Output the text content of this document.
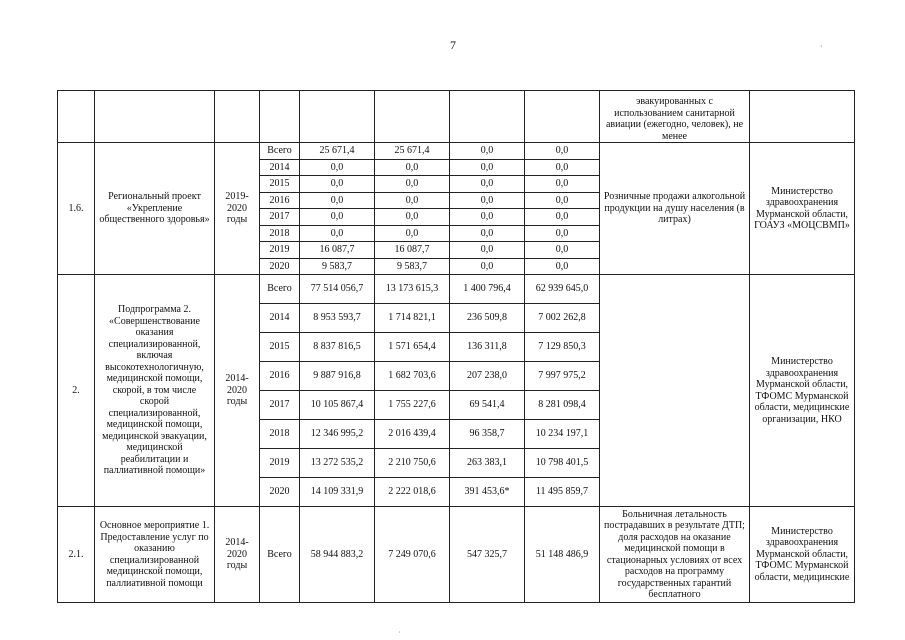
7	·
·
								эвакуированных с использованием санитарной авиации (ежегодно, человек), не менее	
1.6.	Региональный проект «Укрепление общественного здоровья»	2019-2020 годы	Всего	25 671,4	25 671,4	0,0	0,0	Розничные продажи алкогольной продукции на душу населения (в литрах)	Министерство здравоохранения Мурманской области, ГОАУЗ «МОЦСВМП»
			2014	0,0	0,0	0,0	0,0		
			2015	0,0	0,0	0,0	0,0		
			2016	0,0	0,0	0,0	0,0		
			2017	0,0	0,0	0,0	0,0		
			2018	0,0	0,0	0,0	0,0		
			2019	16 087,7	16 087,7	0,0	0,0		
			2020	9 583,7	9 583,7	0,0	0,0		
2.	Подпрограмма 2. «Совершенствование оказания специализированной, включая высокотехнологичную, медицинской помощи, скорой, в том числе скорой специализированной, медицинской помощи, медицинской эвакуации, медицинской реабилитации и паллиативной помощи»	2014-2020 годы	Всего	77 514 056,7	13 173 615,3	1 400 796,4	62 939 645,0		Министерство здравоохранения Мурманской области, ТФОМС Мурманской области, медицинские организации, НКО
			2014	8 953 593,7	1 714 821,1	236 509,8	7 002 262,8		
			2015	8 837 816,5	1 571 654,4	136 311,8	7 129 850,3		
			2016	9 887 916,8	1 682 703,6	207 238,0	7 997 975,2		
			2017	10 105 867,4	1 755 227,6	69 541,4	8 281 098,4		
			2018	12 346 995,2	2 016 439,4	96 358,7	10 234 197,1		
			2019	13 272 535,2	2 210 750,6	263 383,1	10 798 401,5		
			2020	14 109 331,9	2 222 018,6	391 453,6*	11 495 859,7		
2.1.	Основное мероприятие 1. Предоставление услуг по оказанию специализированной медицинской помощи, паллиативной помощи	2014-2020 годы	Всего	58 944 883,2	7 249 070,6	547 325,7	51 148 486,9	Больничная летальность пострадавших в результате ДТП; доля расходов на оказание медицинской помощи в стационарных условиях от всех расходов на программу государственных гарантий бесплатного	Министерство здравоохранения Мурманской области, ТФОМС Мурманской области, медицинские
